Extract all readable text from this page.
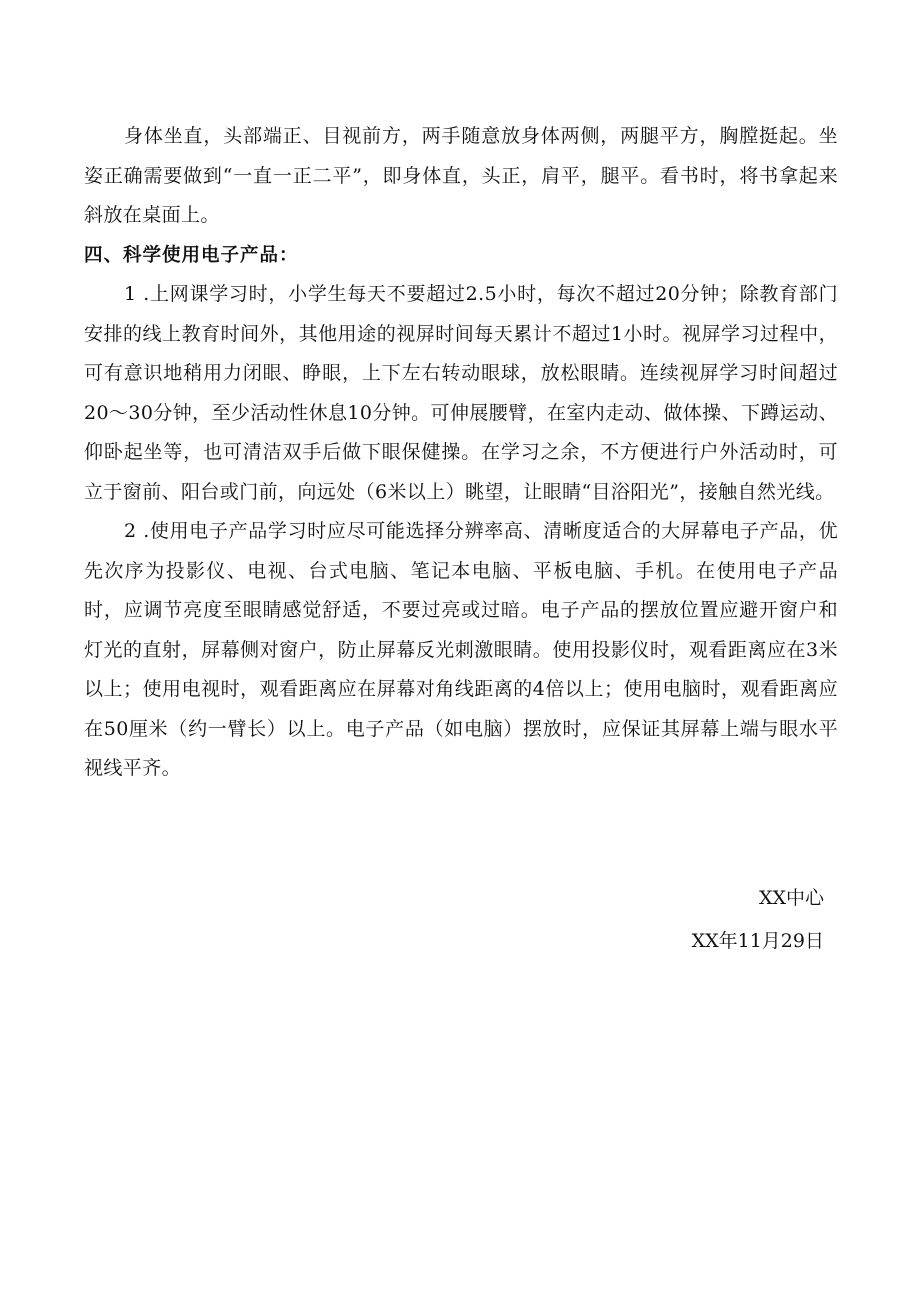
身体坐直，头部端正、目视前方，两手随意放身体两侧，两腿平方，胸膛挺起。坐姿正确需要做到“一直一正二平”，即身体直，头正，肩平，腿平。看书时，将书拿起来斜放在桌面上。

四、科学使用电子产品：

1 .上网课学习时，小学生每天不要超过2.5小时，每次不超过20分钟；除教育部门安排的线上教育时间外，其他用途的视屏时间每天累计不超过1小时。视屏学习过程中，可有意识地稍用力闭眼、睁眼，上下左右转动眼球，放松眼睛。连续视屏学习时间超过20～30分钟，至少活动性休息10分钟。可伸展腰臂，在室内走动、做体操、下蹲运动、仰卧起坐等，也可清洁双手后做下眼保健操。在学习之余，不方便进行户外活动时，可立于窗前、阳台或门前，向远处（6米以上）眺望，让眼睛“目浴阳光”，接触自然光线。

2 .使用电子产品学习时应尽可能选择分辨率高、清晰度适合的大屏幕电子产品，优先次序为投影仪、电视、台式电脑、笔记本电脑、平板电脑、手机。在使用电子产品时，应调节亮度至眼睛感觉舒适，不要过亮或过暗。电子产品的摆放位置应避开窗户和灯光的直射，屏幕侧对窗户，防止屏幕反光刺激眼睛。使用投影仪时，观看距离应在3米以上；使用电视时，观看距离应在屏幕对角线距离的4倍以上；使用电脑时，观看距离应在50厘米（约一臂长）以上。电子产品（如电脑）摆放时，应保证其屏幕上端与眼水平视线平齐。

XX中心
XX年11月29日
